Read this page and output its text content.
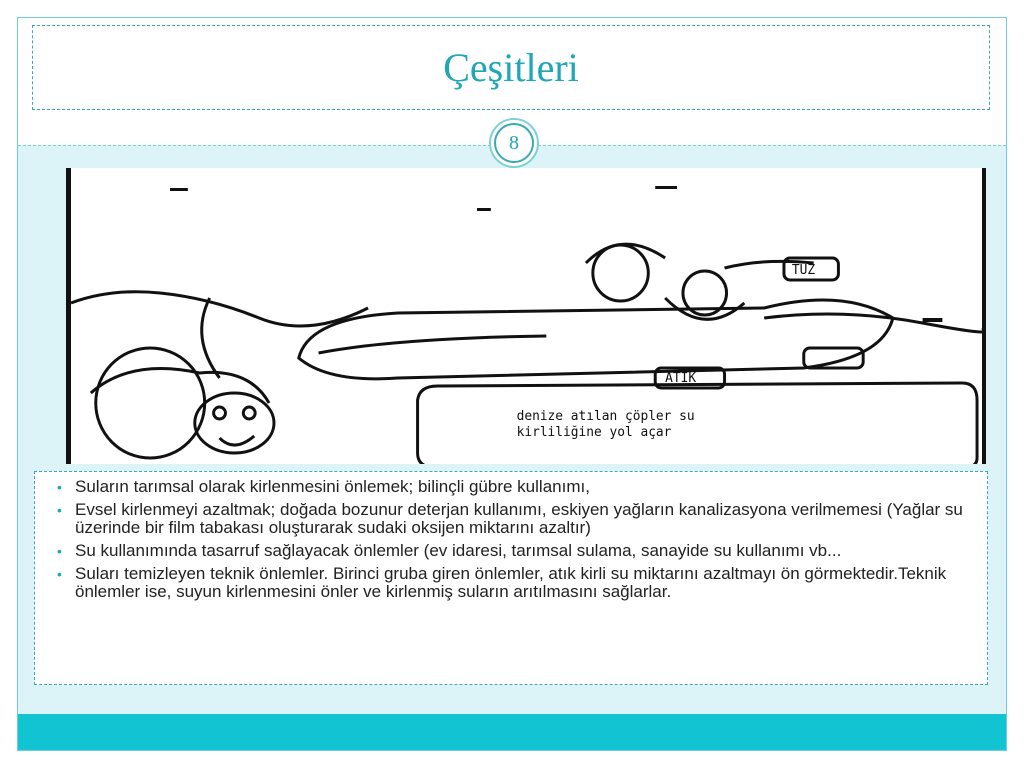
Çeşitleri
8
TUZ
ATIK
denize atılan çöpler su
kirliliğine yol açar
• Suların tarımsal olarak kirlenmesini önlemek; bilinçli gübre kullanımı,
• Evsel kirlenmeyi azaltmak; doğada bozunur deterjan kullanımı, eskiyen yağların kanalizasyona verilmemesi (Yağlar su üzerinde bir film tabakası oluşturarak sudaki oksijen miktarını azaltır)
• Su kullanımında tasarruf sağlayacak önlemler (ev idaresi, tarımsal sulama, sanayide su kullanımı vb...
• Suları temizleyen teknik önlemler. Birinci gruba giren önlemler, atık kirli su miktarını azaltmayı ön görmektedir.Teknik önlemler ise, suyun kirlenmesini önler ve kirlenmiş suların arıtılmasını sağlarlar.
